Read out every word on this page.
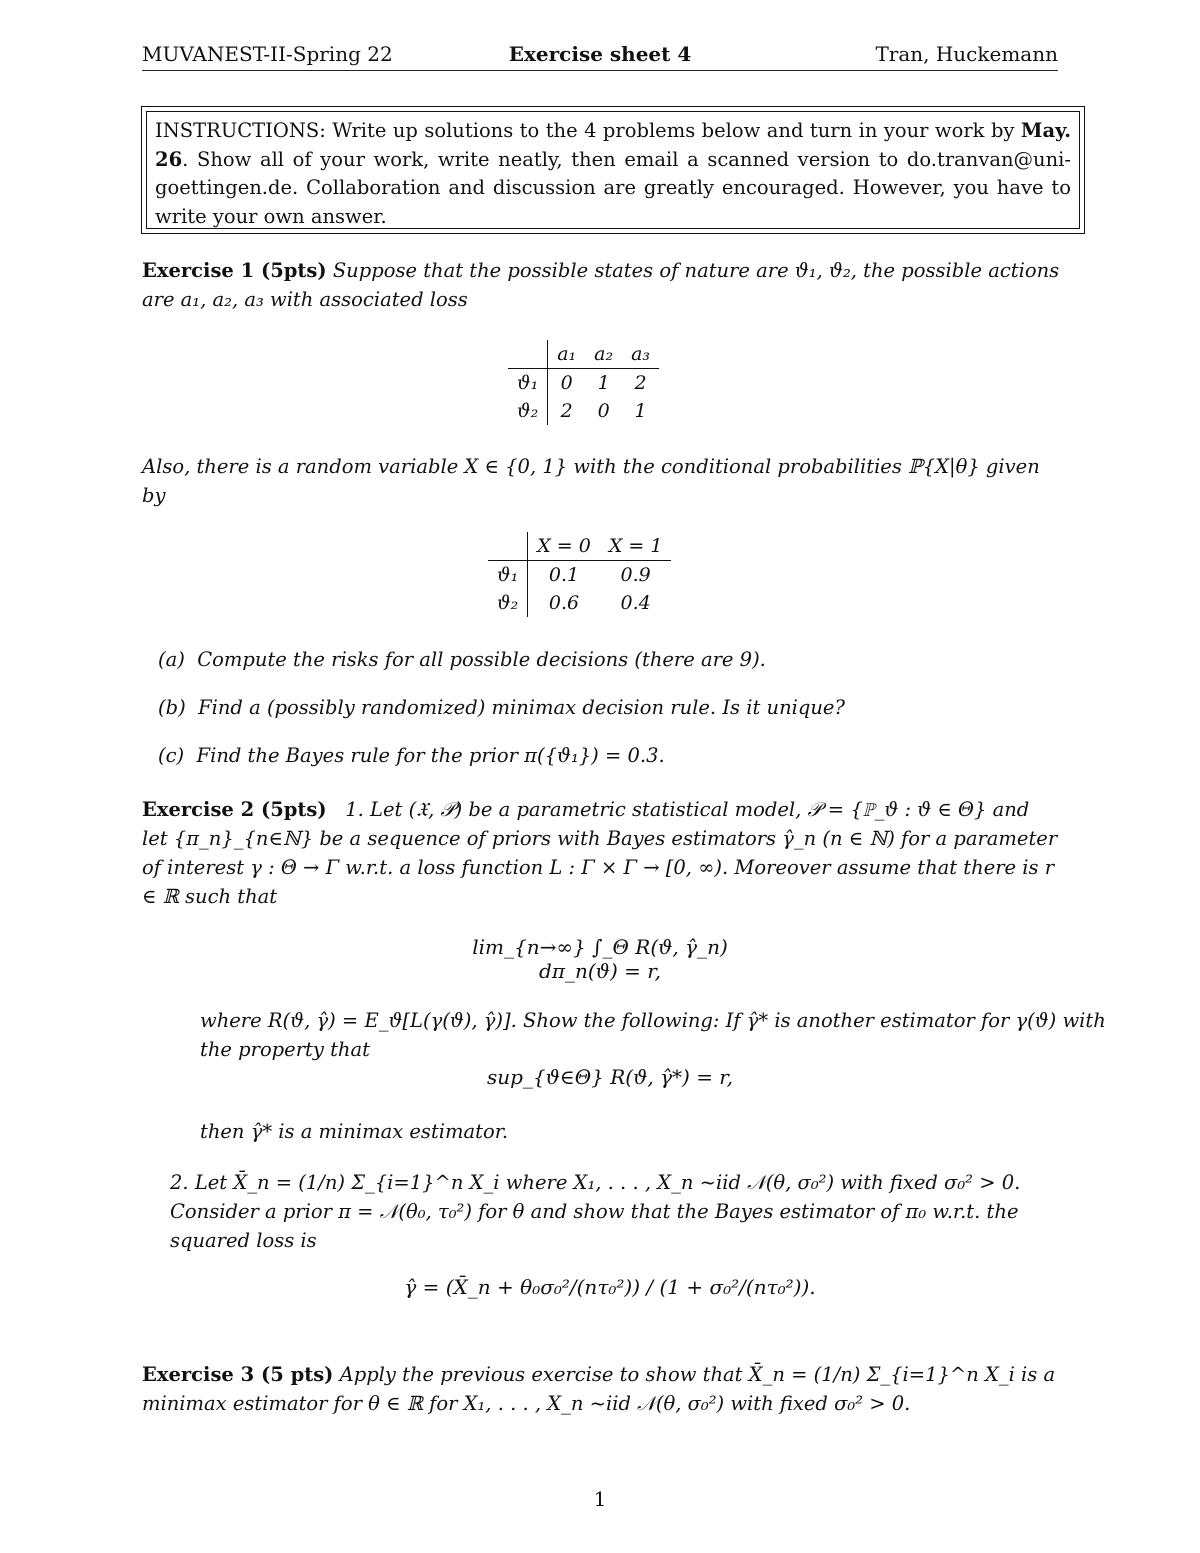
MUVANEST-II-Spring 22	Exercise sheet 4	Tran, Huckemann
INSTRUCTIONS: Write up solutions to the 4 problems below and turn in your work by May. 26. Show all of your work, write neatly, then email a scanned version to do.tranvan@uni-goettingen.de. Collaboration and discussion are greatly encouraged. However, you have to write your own answer.
Exercise 1 (5pts) Suppose that the possible states of nature are ϑ₁, ϑ₂, the possible actions are a₁, a₂, a₃ with associated loss
	a₁	a₂	a₃
ϑ₁	0	1	2
ϑ₂	2	0	1
Also, there is a random variable X ∈ {0, 1} with the conditional probabilities ℙ{X|θ} given by
	X = 0	X = 1
ϑ₁	0.1	0.9
ϑ₂	0.6	0.4
(a) Compute the risks for all possible decisions (there are 9).
(b) Find a (possibly randomized) minimax decision rule. Is it unique?
(c) Find the Bayes rule for the prior π({ϑ₁}) = 0.3.
Exercise 2 (5pts) 1. Let (𝔛, 𝒫) be a parametric statistical model, 𝒫 = {ℙ_ϑ : ϑ ∈ Θ} and let {π_n}_{n∈ℕ} be a sequence of priors with Bayes estimators γ̂_n (n ∈ ℕ) for a parameter of interest γ : Θ → Γ w.r.t. a loss function L : Γ × Γ → [0, ∞). Moreover assume that there is r ∈ ℝ such that
lim_{n→∞} ∫_Θ R(ϑ, γ̂_n) dπ_n(ϑ) = r,
where R(ϑ, γ̂) = E_ϑ[L(γ(ϑ), γ̂)]. Show the following: If γ̂* is another estimator for γ(ϑ) with the property that
sup_{ϑ∈Θ} R(ϑ, γ̂*) = r,
then γ̂* is a minimax estimator.
2. Let X̄_n = (1/n) Σ_{i=1}^n X_i where X₁, . . . , X_n ~iid 𝒩(θ, σ₀²) with fixed σ₀² > 0. Consider a prior π = 𝒩(θ₀, τ₀²) for θ and show that the Bayes estimator of π₀ w.r.t. the squared loss is
γ̂ = (X̄_n + θ₀σ₀²/(nτ₀²)) / (1 + σ₀²/(nτ₀²)).
Exercise 3 (5 pts) Apply the previous exercise to show that X̄_n = (1/n) Σ_{i=1}^n X_i is a minimax estimator for θ ∈ ℝ for X₁, . . . , X_n ~iid 𝒩(θ, σ₀²) with fixed σ₀² > 0.
1
